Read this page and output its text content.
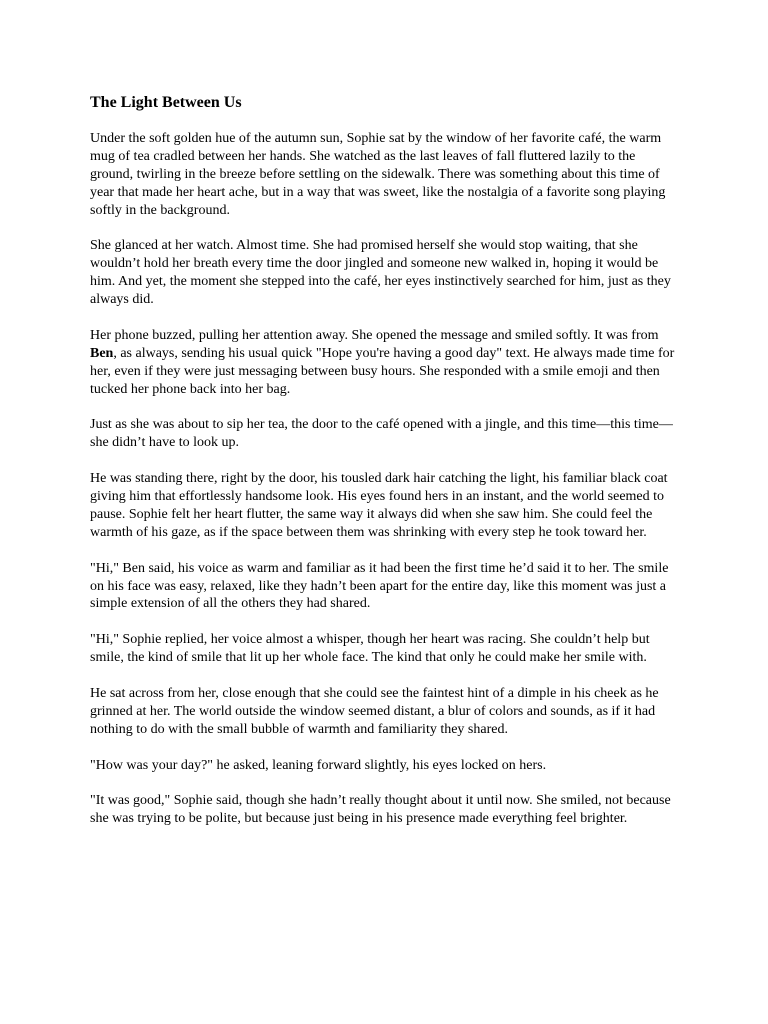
The Light Between Us

Under the soft golden hue of the autumn sun, Sophie sat by the window of her favorite café, the warm mug of tea cradled between her hands. She watched as the last leaves of fall fluttered lazily to the ground, twirling in the breeze before settling on the sidewalk. There was something about this time of year that made her heart ache, but in a way that was sweet, like the nostalgia of a favorite song playing softly in the background.

She glanced at her watch. Almost time. She had promised herself she would stop waiting, that she wouldn’t hold her breath every time the door jingled and someone new walked in, hoping it would be him. And yet, the moment she stepped into the café, her eyes instinctively searched for him, just as they always did.

Her phone buzzed, pulling her attention away. She opened the message and smiled softly. It was from Ben, as always, sending his usual quick "Hope you're having a good day" text. He always made time for her, even if they were just messaging between busy hours. She responded with a smile emoji and then tucked her phone back into her bag.

Just as she was about to sip her tea, the door to the café opened with a jingle, and this time—this time—she didn’t have to look up.

He was standing there, right by the door, his tousled dark hair catching the light, his familiar black coat giving him that effortlessly handsome look. His eyes found hers in an instant, and the world seemed to pause. Sophie felt her heart flutter, the same way it always did when she saw him. She could feel the warmth of his gaze, as if the space between them was shrinking with every step he took toward her.

"Hi," Ben said, his voice as warm and familiar as it had been the first time he’d said it to her. The smile on his face was easy, relaxed, like they hadn’t been apart for the entire day, like this moment was just a simple extension of all the others they had shared.

"Hi," Sophie replied, her voice almost a whisper, though her heart was racing. She couldn’t help but smile, the kind of smile that lit up her whole face. The kind that only he could make her smile with.

He sat across from her, close enough that she could see the faintest hint of a dimple in his cheek as he grinned at her. The world outside the window seemed distant, a blur of colors and sounds, as if it had nothing to do with the small bubble of warmth and familiarity they shared.

"How was your day?" he asked, leaning forward slightly, his eyes locked on hers.

"It was good," Sophie said, though she hadn’t really thought about it until now. She smiled, not because she was trying to be polite, but because just being in his presence made everything feel brighter.
